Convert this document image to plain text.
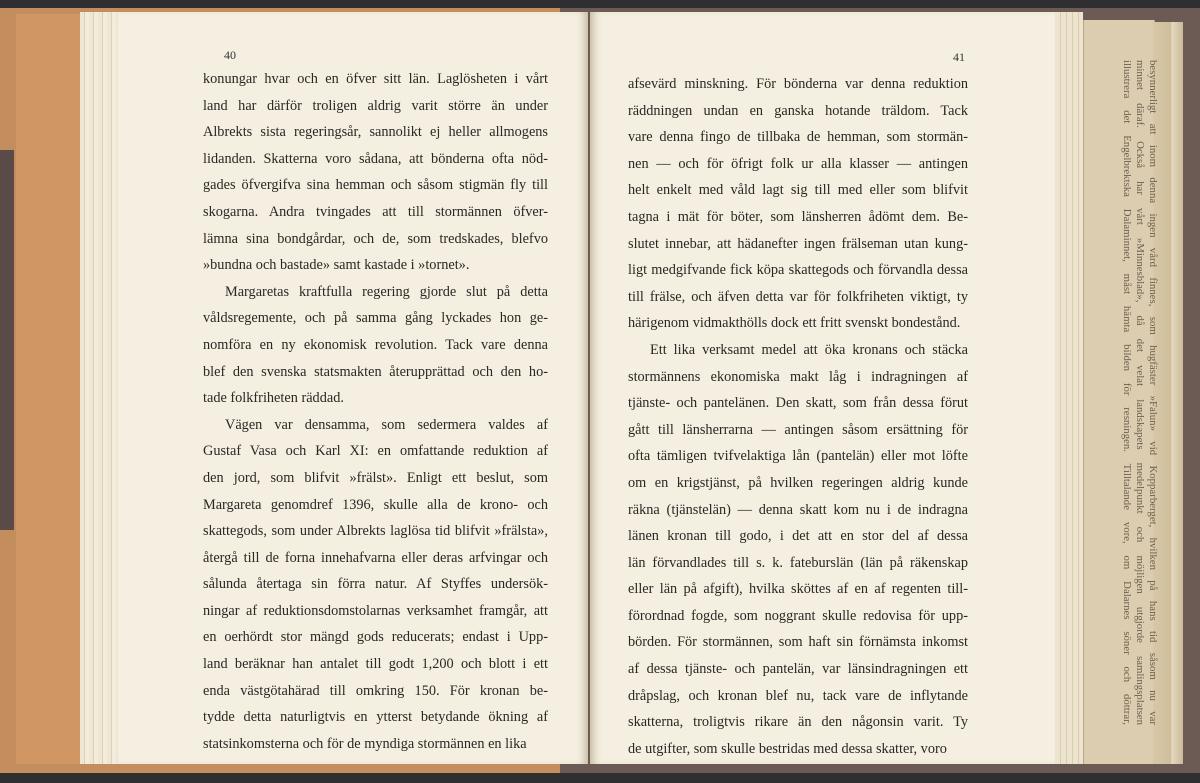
40	41
konungar hvar och en öfver sitt län. Laglösheten i vårt
land har därför troligen aldrig varit större än under
Albrekts sista regeringsår, sannolikt ej heller allmogens
lidanden. Skatterna voro sådana, att bönderna ofta nöd-
gades öfvergifva sina hemman och såsom stigmän fly till
skogarna. Andra tvingades att till stormännen öfver-
lämna sina bondgårdar, och de, som tredskades, blefvo
»bundna och bastade» samt kastade i »tornet».
Margaretas kraftfulla regering gjorde slut på detta
våldsregemente, och på samma gång lyckades hon ge-
nomföra en ny ekonomisk revolution. Tack vare denna
blef den svenska statsmakten återupprättad och den ho-
tade folkfriheten räddad.
Vägen var densamma, som sedermera valdes af
Gustaf Vasa och Karl XI: en omfattande reduktion af
den jord, som blifvit »frälst». Enligt ett beslut, som
Margareta genomdref 1396, skulle alla de krono- och
skattegods, som under Albrekts laglösa tid blifvit »frälsta»,
återgå till de forna innehafvarna eller deras arfvingar och
sålunda återtaga sin förra natur. Af Styffes undersök-
ningar af reduktionsdomstolarnas verksamhet framgår, att
en oerhördt stor mängd gods reducerats; endast i Upp-
land beräknar han antalet till godt 1,200 och blott i ett
enda västgötahärad till omkring 150. För kronan be-
tydde detta naturligtvis en ytterst betydande ökning af
statsinkomsterna och för de myndiga stormännen en lika
afsevärd minskning. För bönderna var denna reduktion
räddningen undan en ganska hotande träldom. Tack
vare denna fingo de tillbaka de hemman, som stormän-
nen — och för öfrigt folk ur alla klasser — antingen
helt enkelt med våld lagt sig till med eller som blifvit
tagna i mät för böter, som länsherren ådömt dem. Be-
slutet innebar, att hädanefter ingen frälseman utan kung-
ligt medgifvande fick köpa skattegods och förvandla dessa
till frälse, och äfven detta var för folkfriheten viktigt, ty
härigenom vidmakthölls dock ett fritt svenskt bondestånd.
Ett lika verksamt medel att öka kronans och stäcka
stormännens ekonomiska makt låg i indragningen af
tjänste- och pantelänen. Den skatt, som från dessa förut
gått till länsherrarna — antingen såsom ersättning för
ofta tämligen tvifvelaktiga lån (pantelän) eller mot löfte
om en krigstjänst, på hvilken regeringen aldrig kunde
räkna (tjänstelän) — denna skatt kom nu i de indragna
länen kronan till godo, i det att en stor del af dessa
län förvandlades till s. k. fateburslän (län på räkenskap
eller län på afgift), hvilka sköttes af en af regenten till-
förordnad fogde, som noggrant skulle redovisa för upp-
börden. För stormännen, som haft sin förnämsta inkomst
af dessa tjänste- och pantelän, var länsindragningen ett
dråpslag, och kronan blef nu, tack vare de inflytande
skatterna, troligtvis rikare än den någonsin varit. Ty
de utgifter, som skulle bestridas med dessa skatter, voro
besynnerligt att inom denna ingen vård finnes, som hugfäster »Falun» vid Kopparberget, hvilken på hans tid såsom nu var
minnet däraf. Också har vårt »Minnesblad», då det velat landskapets medelpunkt och möjligen utgjorde samlingsplatsen
illustrera det Engelbrektska Dalaminnet, måst hämta bilden för resningen. Tilltalande vore, om Dalarnes söner och döttrar,
